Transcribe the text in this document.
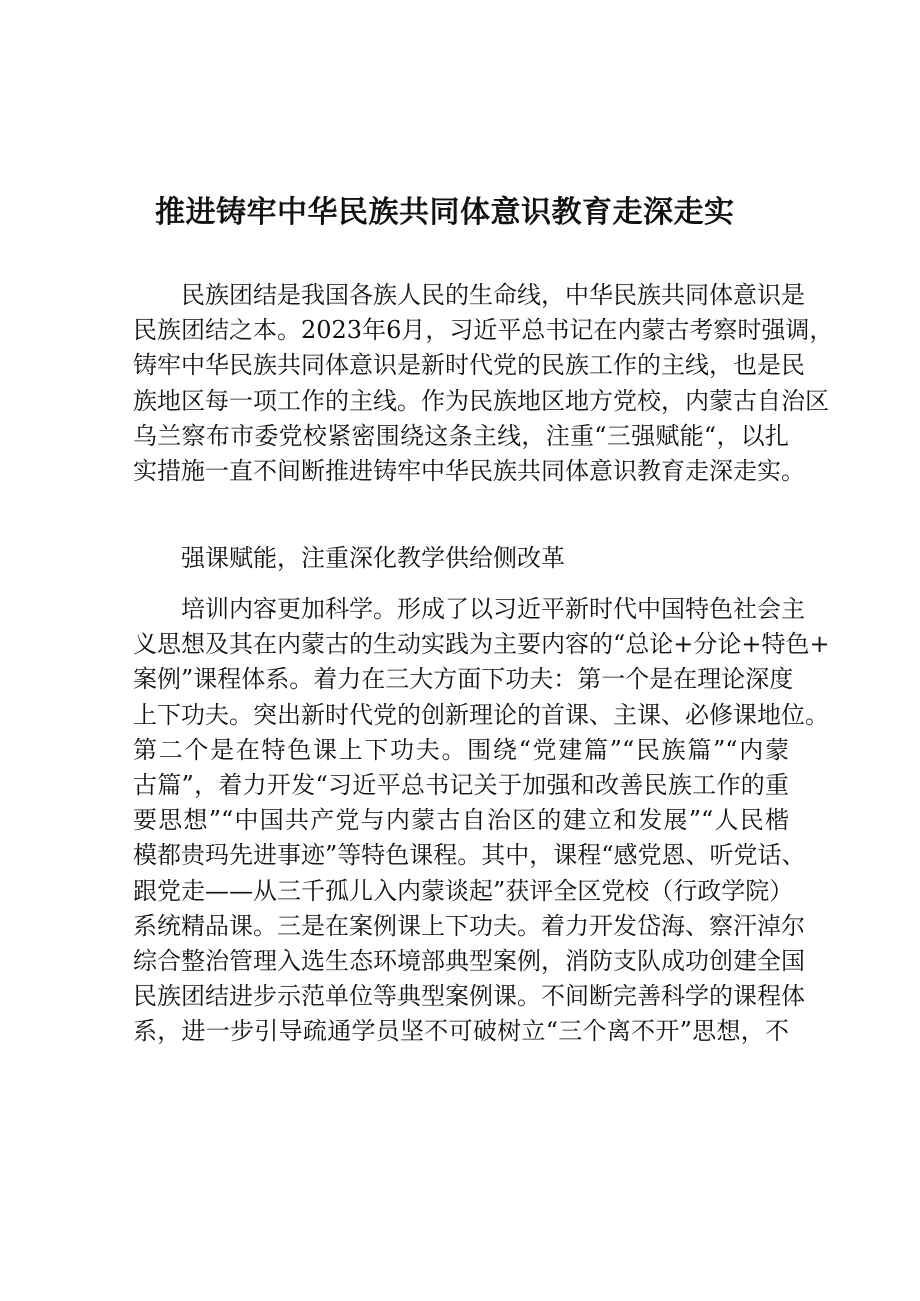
推进铸牢中华民族共同体意识教育走深走实
民族团结是我国各族人民的生命线，中华民族共同体意识是
民族团结之本。2023年6月，习近平总书记在内蒙古考察时强调，
铸牢中华民族共同体意识是新时代党的民族工作的主线，也是民
族地区每一项工作的主线。作为民族地区地方党校，内蒙古自治区
乌兰察布市委党校紧密围绕这条主线，注重“三强赋能“，以扎
实措施一直不间断推进铸牢中华民族共同体意识教育走深走实。
强课赋能，注重深化教学供给侧改革
培训内容更加科学。形成了以习近平新时代中国特色社会主
义思想及其在内蒙古的生动实践为主要内容的“总论+分论+特色+
案例”课程体系。着力在三大方面下功夫：第一个是在理论深度
上下功夫。突出新时代党的创新理论的首课、主课、必修课地位。
第二个是在特色课上下功夫。围绕“党建篇”“民族篇”“内蒙
古篇”，着力开发“习近平总书记关于加强和改善民族工作的重
要思想”“中国共产党与内蒙古自治区的建立和发展”“人民楷
模都贵玛先进事迹”等特色课程。其中，课程“感党恩、听党话、
跟党走——从三千孤儿入内蒙谈起”获评全区党校（行政学院）
系统精品课。三是在案例课上下功夫。着力开发岱海、察汗淖尔
综合整治管理入选生态环境部典型案例，消防支队成功创建全国
民族团结进步示范单位等典型案例课。不间断完善科学的课程体
系，进一步引导疏通学员坚不可破树立“三个离不开”思想，不
